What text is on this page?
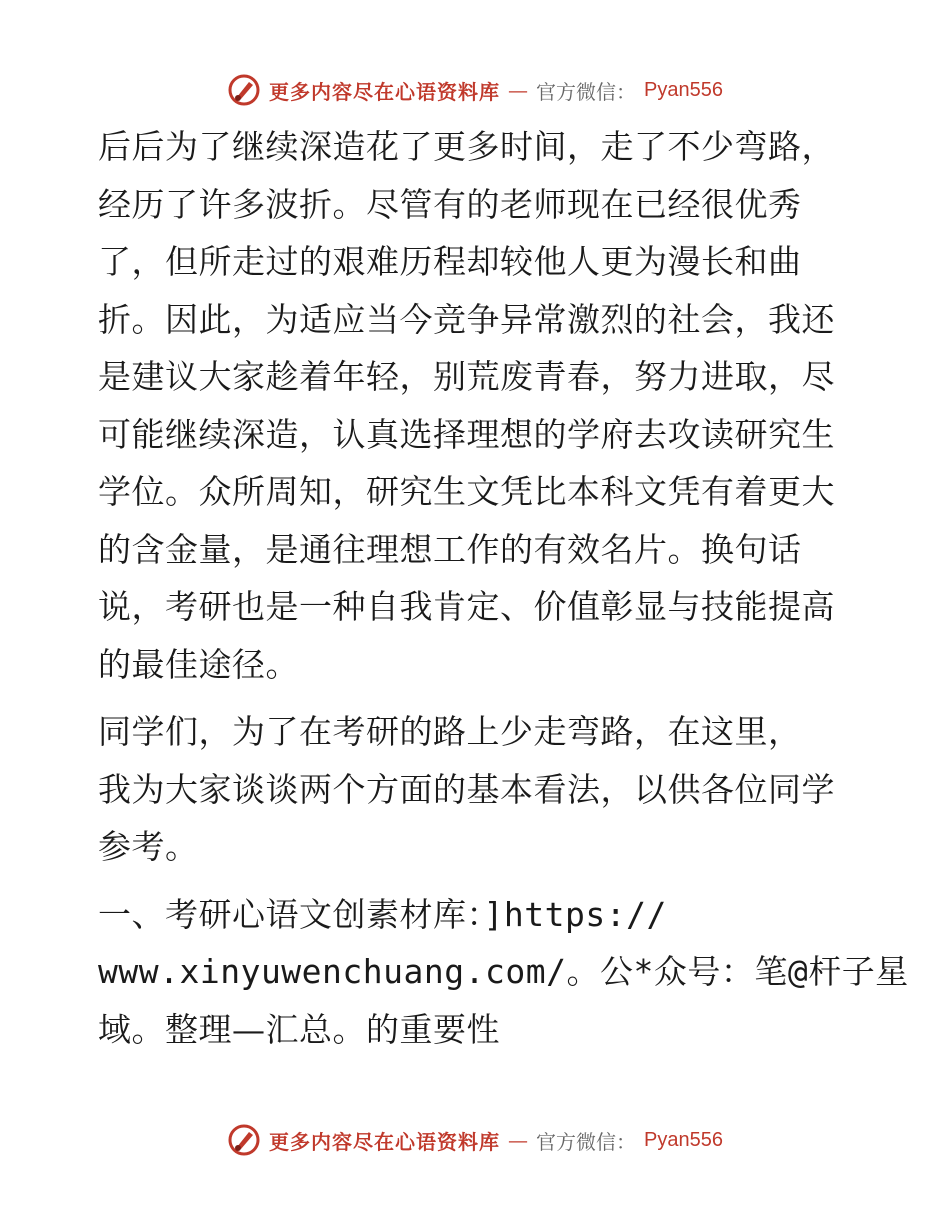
更多内容尽在心语资料库 — 官方微信： Pyan556

后后为了继续深造花了更多时间，走了不少弯路，
经历了许多波折。尽管有的老师现在已经很优秀
了，但所走过的艰难历程却较他人更为漫长和曲
折。因此，为适应当今竞争异常激烈的社会，我还
是建议大家趁着年轻，别荒废青春，努力进取，尽
可能继续深造，认真选择理想的学府去攻读研究生
学位。众所周知，研究生文凭比本科文凭有着更大
的含金量，是通往理想工作的有效名片。换句话
说，考研也是一种自我肯定、价值彰显与技能提高
的最佳途径。

同学们，为了在考研的路上少走弯路，在这里，
我为大家谈谈两个方面的基本看法，以供各位同学
参考。

一、考研心语文创素材库：]https://
www.xinyuwenchuang.com/。公*众号：笔@杆子星
域。整理—汇总。的重要性

更多内容尽在心语资料库 — 官方微信： Pyan556
